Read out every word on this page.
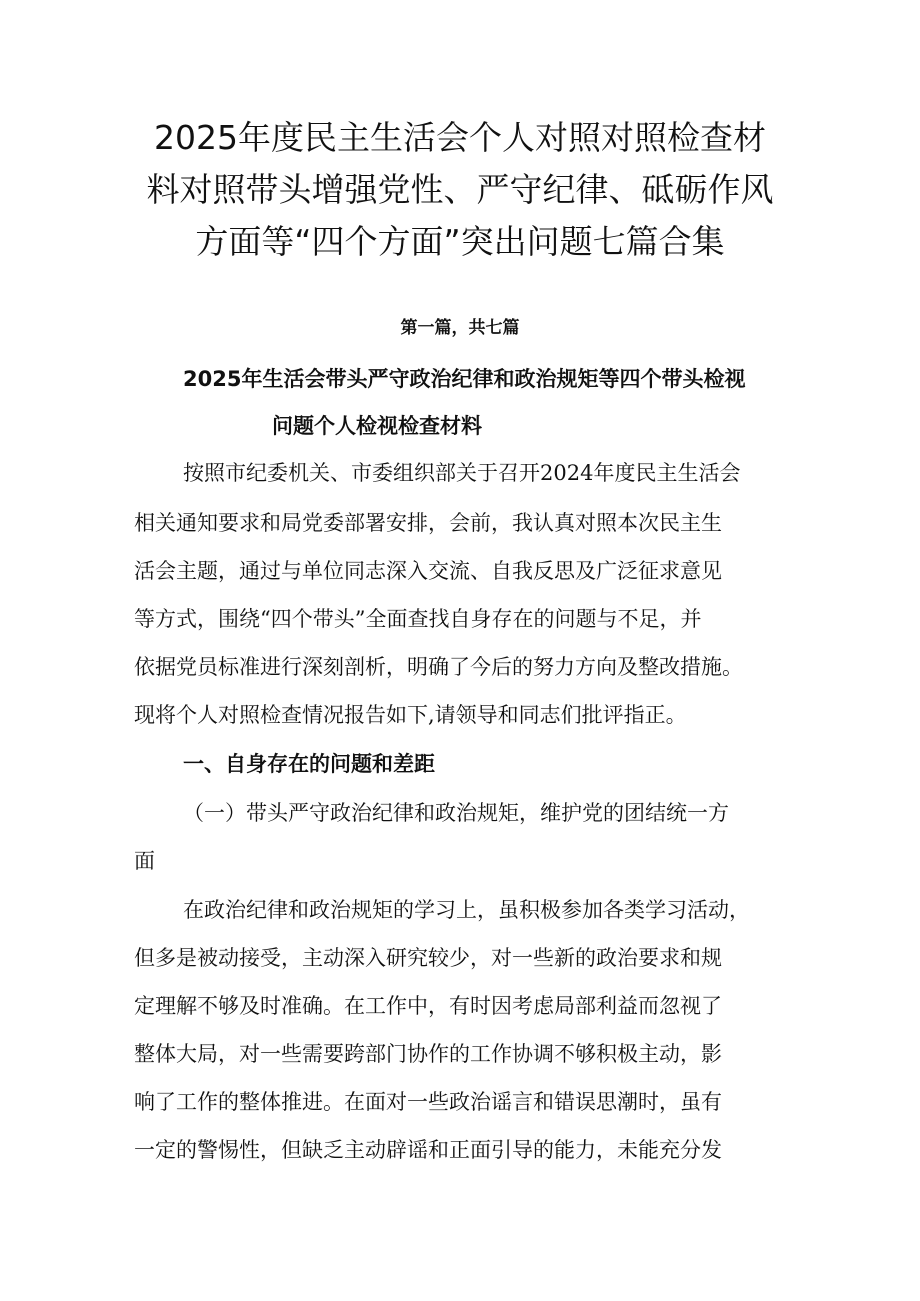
2025年度民主生活会个人对照对照检查材
料对照带头增强党性、严守纪律、砥砺作风
方面等“四个方面”突出问题七篇合集
第一篇，共七篇
2025年生活会带头严守政治纪律和政治规矩等四个带头检视
问题个人检视检查材料
按照市纪委机关、市委组织部关于召开2024年度民主生活会
相关通知要求和局党委部署安排，会前，我认真对照本次民主生
活会主题，通过与单位同志深入交流、自我反思及广泛征求意见
等方式，围绕“四个带头”全面查找自身存在的问题与不足，并
依据党员标准进行深刻剖析，明确了今后的努力方向及整改措施。
现将个人对照检查情况报告如下,请领导和同志们批评指正。
一、自身存在的问题和差距
（一）带头严守政治纪律和政治规矩，维护党的团结统一方
面
在政治纪律和政治规矩的学习上，虽积极参加各类学习活动，
但多是被动接受，主动深入研究较少，对一些新的政治要求和规
定理解不够及时准确。在工作中，有时因考虑局部利益而忽视了
整体大局，对一些需要跨部门协作的工作协调不够积极主动，影
响了工作的整体推进。在面对一些政治谣言和错误思潮时，虽有
一定的警惕性，但缺乏主动辟谣和正面引导的能力，未能充分发
